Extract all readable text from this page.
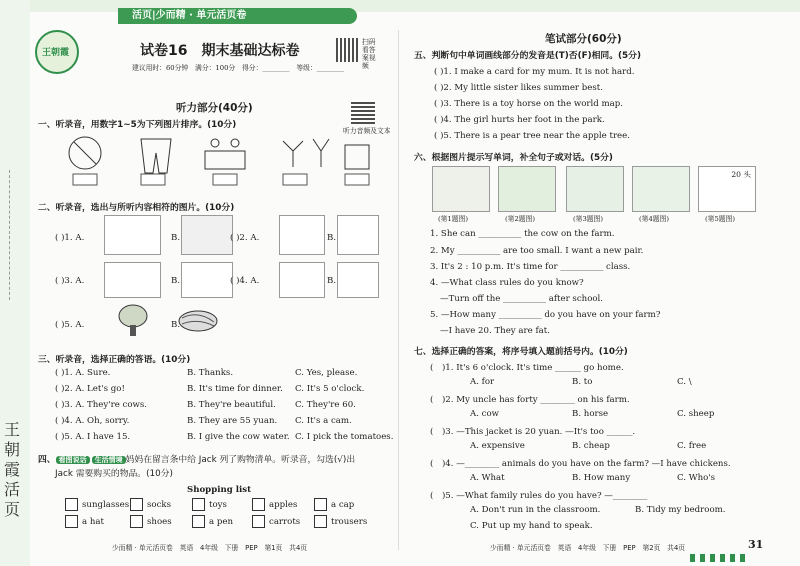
王朝霞活页
王朝霞
活页|少而精 · 单元活页卷
试卷16　期末基础达标卷
建议用时：60分钟　满分：100分　得分：________　等级：________
扫码看答案视频
听力音频及文本
听力部分(40分)
一、听录音，用数字1~5为下列图片排序。(10分)
二、听录音，选出与所听内容相符的图片。(10分)
( )1. A.	B.	( )2. A.	B.
( )3. A.	B.	( )4. A.	B.
( )5. A.	B.
三、听录音，选择正确的答语。(10分)
( )1. A. Sure.	B. Thanks.	C. Yes, please.
( )2. A. Let's go!	B. It's time for dinner. C. It's 5 o'clock.
( )3. A. They're cows.	B. They're beautiful. C. They're 60.
( )4. A. Oh, sorry.	B. They are 55 yuan. C. It's a cam.
( )5. A. I have 15.	B. I give the cow water. C. I pick the tomatoes.
四、 看图说话 生活情境 妈妈在留言条中给 Jack 列了购物清单。听录音，勾选(√)出
Jack 需要购买的物品。(10分)
Shopping list
sunglasses	socks	toys	apples	a cap
a hat	shoes	a pen	carrots	trousers
少而精 · 单元活页卷　英语　4年级　下册　PEP　第1页　共4页
笔试部分(60分)
五、判断句中单词画线部分的发音是(T)否(F)相同。(5分)
( )1. I make a card for my mum. It is not hard.
( )2. My little sister likes summer best.
( )3. There is a toy horse on the world map.
( )4. The girl hurts her foot in the park.
( )5. There is a pear tree near the apple tree.
六、根据图片提示写单词，补全句子或对话。(5分)
20 头
(第1题图)	(第2题图)	(第3题图)	(第4题图)	(第5题图)
1. She can __________ the cow on the farm.
2. My __________ are too small. I want a new pair.
3. It's 2 : 10 p.m. It's time for __________ class.
4. —What class rules do you know?
—Turn off the __________ after school.
5. —How many __________ do you have on your farm?
—I have 20. They are fat.
七、选择正确的答案，将序号填入题前括号内。(10分)
(　)1. It's 6 o'clock. It's time ______ go home.
A. for	B. to	C. \
(　)2. My uncle has forty ________ on his farm.
A. cow	B. horse	C. sheep
(　)3. —This jacket is 20 yuan. —It's too ______.
A. expensive	B. cheap	C. free
(　)4. —________ animals do you have on the farm? —I have chickens.
A. What	B. How many	C. Who's
(　)5. —What family rules do you have? —________
A. Don't run in the classroom.	B. Tidy my bedroom.
C. Put up my hand to speak.
少而精 · 单元活页卷　英语　4年级　下册　PEP　第2页　共4页	31
